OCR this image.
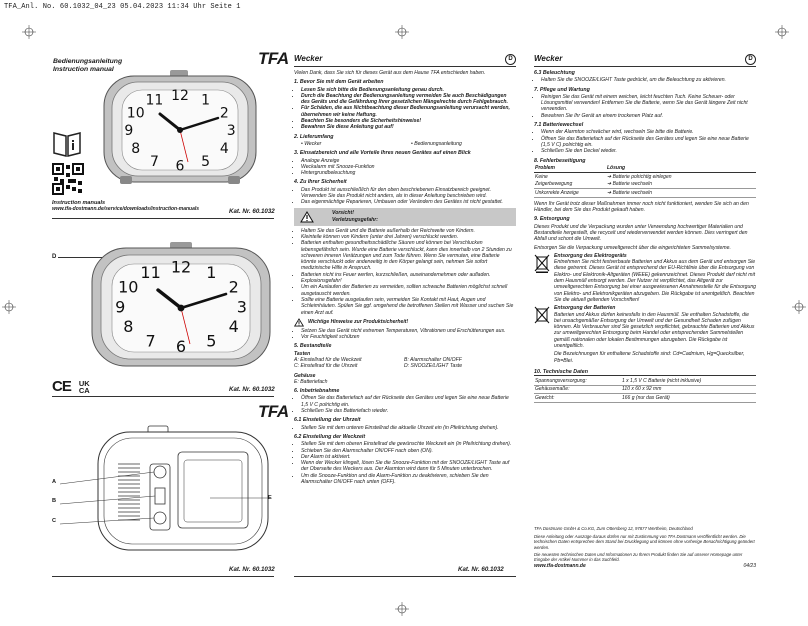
TFA_Anl. No. 60.1032_04_23 05.04.2023 11:34 Uhr Seite 1
Bedienungsanleitung
Instruction manual
12 1
2
3
4
5
6
7
8
9
10
11
TFA
Instruction manuals
www.tfa-dostmann.de/service/downloads/instruction-manuals	Kat. Nr. 60.1032
D
12 1
2
3
4
5
6
7
8
9
10
11
CE UK
CA	Kat. Nr. 60.1032
TFA
A
B
C
E
Kat. Nr. 60.1032
Wecker	D

Vielen Dank, dass Sie sich für dieses Gerät aus dem Hause TFA entschieden haben.

1. Bevor Sie mit dem Gerät arbeiten
• Lesen Sie sich bitte die Bedienungsanleitung genau durch.
• Durch die Beachtung der Bedienungsanleitung vermeiden Sie auch Beschädigungen des Geräts und die Gefährdung Ihrer gesetzlichen Mängelrechte durch Fehlgebrauch.
• Für Schäden, die aus Nichtbeachtung dieser Bedienungsanleitung verursacht werden, übernehmen wir keine Haftung.
• Beachten Sie besonders die Sicherheitshinweise!
• Bewahren Sie diese Anleitung gut auf!
2. Lieferumfang
• Wecker	• Bedienungsanleitung
3. Einsatzbereich und alle Vorteile Ihres neuen Gerätes auf einen Blick
• Analoge Anzeige
• Weckalarm mit Snooze-Funktion
• Hintergrundbeleuchtung
4. Zu Ihrer Sicherheit
• Das Produkt ist ausschließlich für den oben beschriebenen Einsatzbereich geeignet. Verwenden Sie das Produkt nicht anders, als in dieser Anleitung beschrieben wird.
• Das eigenmächtige Reparieren, Umbauen oder Verändern des Gerätes ist nicht gestattet.
Vorsicht!
Verletzungsgefahr:
• Halten Sie das Gerät und die Batterie außerhalb der Reichweite von Kindern.
• Kleinteile können von Kindern (unter drei Jahren) verschluckt werden.
• Batterien enthalten gesundheitsschädliche Säuren und können bei Verschlucken lebensgefährlich sein. Wurde eine Batterie verschluckt, kann dies innerhalb von 2 Stunden zu schweren inneren Verätzungen und zum Tode führen. Wenn Sie vermuten, eine Batterie könnte verschluckt oder anderweitig in den Körper gelangt sein, nehmen Sie sofort medizinische Hilfe in Anspruch.
• Batterien nicht ins Feuer werfen, kurzschließen, auseinandernehmen oder aufladen. Explosionsgefahr!
• Um ein Auslaufen der Batterien zu vermeiden, sollten schwache Batterien möglichst schnell ausgetauscht werden.
• Sollte eine Batterie ausgelaufen sein, vermeiden Sie Kontakt mit Haut, Augen und Schleimhäuten. Spülen Sie ggf. umgehend die betroffenen Stellen mit Wasser und suchen Sie einen Arzt auf.
Wichtige Hinweise zur Produktsicherheit!
• Setzen Sie das Gerät nicht extremen Temperaturen, Vibrationen und Erschütterungen aus.
• Vor Feuchtigkeit schützen
5. Bestandteile
Tasten
A: Einstellrad für die Weckzeit	B: Alarmschalter ON/OFF
C: Einstellrad für die Uhrzeit	D: SNOOZE/LIGHT Taste
Gehäuse
E: Batteriefach
6. Inbetriebnahme
• Öffnen Sie das Batteriefach auf der Rückseite des Gerätes und legen Sie eine neue Batterie 1,5 V C polrichtig ein.
• Schließen Sie das Batteriefach wieder.
6.1 Einstellung der Uhrzeit
• Stellen Sie mit dem unteren Einstellrad die aktuelle Uhrzeit ein (in Pfeilrichtung drehen).
6.2 Einstellung der Weckzeit
• Stellen Sie mit dem oberen Einstellrad die gewünschte Weckzeit ein (in Pfeilrichtung drehen).
• Schieben Sie den Alarmschalter ON/OFF nach oben (ON).
• Der Alarm ist aktiviert.
• Wenn der Wecker klingelt, lösen Sie die Snooze-Funktion mit der SNOOZE/LIGHT Taste auf der Oberseite des Weckers aus. Der Alarmton wird dann für 5 Minuten unterbrochen.
• Um die Snooze-Funktion und die Alarm-Funktion zu deaktivieren, schieben Sie den Alarmschalter ON/OFF nach unten (OFF).
Kat. Nr. 60.1032
Wecker	D
6.3 Beleuchtung
• Halten Sie die SNOOZE/LIGHT Taste gedrückt, um die Beleuchtung zu aktivieren.
7. Pflege und Wartung
• Reinigen Sie das Gerät mit einem weichen, leicht feuchten Tuch. Keine Scheuer- oder Lösungsmittel verwenden! Entfernen Sie die Batterie, wenn Sie das Gerät längere Zeit nicht verwenden.
• Bewahren Sie Ihr Gerät an einem trockenen Platz auf.
7.1 Batteriewechsel
• Wenn der Alarmton schwächer wird, wechseln Sie bitte die Batterie.
• Öffnen Sie das Batteriefach auf der Rückseite des Gerätes und legen Sie eine neue Batterie (1,5 V C) polrichtig ein.
• Schließen Sie den Deckel wieder.
8. Fehlerbeseitigung
Problem	Lösung
Keine	➔ Batterie polrichtig einlegen
Zeigerbewegung	➔ Batterie wechseln
Unkorrekte Anzeige	➔ Batterie wechseln

Wenn Ihr Gerät trotz dieser Maßnahmen immer noch nicht funktioniert, wenden Sie sich an den Händler, bei dem Sie das Produkt gekauft haben.

9. Entsorgung

Dieses Produkt und die Verpackung wurden unter Verwendung hochwertiger Materialien und Bestandteile hergestellt, die recycelt und wiederverwendet werden können. Dies verringert den Abfall und schont die Umwelt.

Entsorgen Sie die Verpackung umweltgerecht über die eingerichteten Sammelsysteme.

Entsorgung des Elektrogeräts

Entnehmen Sie nicht festverbaute Batterien und Akkus aus dem Gerät und entsorgen Sie diese getrennt. Dieses Gerät ist entsprechend der EU-Richtlinie über die Entsorgung von Elektro- und Elektronik-Altgeräten (WEEE) gekennzeichnet. Dieses Produkt darf nicht mit dem Hausmüll entsorgt werden. Der Nutzer ist verpflichtet, das Altgerät zur umweltgerechten Entsorgung bei einer ausgewiesenen Annahmestelle für die Entsorgung von Elektro- und Elektronikgeräten abzugeben. Die Rückgabe ist unentgeltlich. Beachten Sie die aktuell geltenden Vorschriften!

Entsorgung der Batterien

Batterien und Akkus dürfen keinesfalls in den Hausmüll. Sie enthalten Schadstoffe, die bei unsachgemäßer Entsorgung der Umwelt und der Gesundheit Schaden zufügen können. Als Verbraucher sind Sie gesetzlich verpflichtet, gebrauchte Batterien und Akkus zur umweltgerechten Entsorgung beim Handel oder entsprechenden Sammelstellen gemäß nationalen oder lokalen Bestimmungen abzugeben. Die Rückgabe ist unentgeltlich.

Die Bezeichnungen für enthaltene Schadstoffe sind: Cd=Cadmium, Hg=Quecksilber, Pb=Blei.

10. Technische Daten
Spannungsversorgung:	1 x 1,5 V C Batterie (nicht inklusive)
Gehäusemaße:	110 x 60 x 92 mm
Gewicht:	166 g (nur das Gerät)
TFA Dostmann GmbH & Co.KG, Zum Ottersberg 12, 97877 Wertheim, Deutschland
Diese Anleitung oder Auszüge daraus dürfen nur mit Zustimmung von TFA Dostmann veröffentlicht werden. Die technischen Daten entsprechen dem Stand bei Drucklegung und können ohne vorherige Benachrichtigung geändert werden.
Die neuesten technischen Daten und Informationen zu Ihrem Produkt finden Sie auf unserer Homepage unter Eingabe der Artikel-Nummer in das Suchfeld.
www.tfa-dostmann.de	04/23
